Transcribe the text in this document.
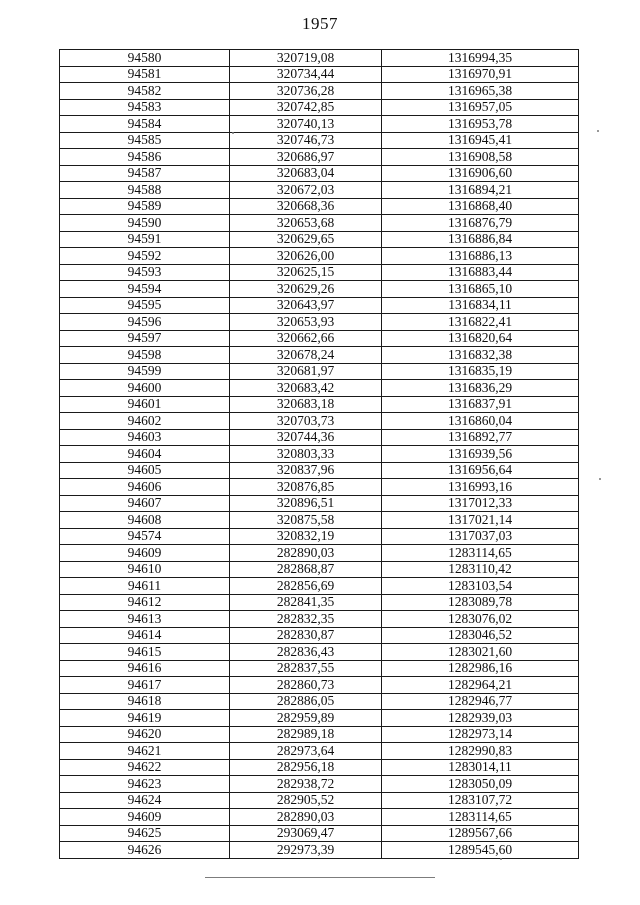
1957
94580	320719,08	1316994,35
94581	320734,44	1316970,91
94582	320736,28	1316965,38
94583	320742,85	1316957,05
94584	320740,13	1316953,78
94585	320746,73	1316945,41
94586	320686,97	1316908,58
94587	320683,04	1316906,60
94588	320672,03	1316894,21
94589	320668,36	1316868,40
94590	320653,68	1316876,79
94591	320629,65	1316886,84
94592	320626,00	1316886,13
94593	320625,15	1316883,44
94594	320629,26	1316865,10
94595	320643,97	1316834,11
94596	320653,93	1316822,41
94597	320662,66	1316820,64
94598	320678,24	1316832,38
94599	320681,97	1316835,19
94600	320683,42	1316836,29
94601	320683,18	1316837,91
94602	320703,73	1316860,04
94603	320744,36	1316892,77
94604	320803,33	1316939,56
94605	320837,96	1316956,64
94606	320876,85	1316993,16
94607	320896,51	1317012,33
94608	320875,58	1317021,14
94574	320832,19	1317037,03
94609	282890,03	1283114,65
94610	282868,87	1283110,42
94611	282856,69	1283103,54
94612	282841,35	1283089,78
94613	282832,35	1283076,02
94614	282830,87	1283046,52
94615	282836,43	1283021,60
94616	282837,55	1282986,16
94617	282860,73	1282964,21
94618	282886,05	1282946,77
94619	282959,89	1282939,03
94620	282989,18	1282973,14
94621	282973,64	1282990,83
94622	282956,18	1283014,11
94623	282938,72	1283050,09
94624	282905,52	1283107,72
94609	282890,03	1283114,65
94625	293069,47	1289567,66
94626	292973,39	1289545,60
